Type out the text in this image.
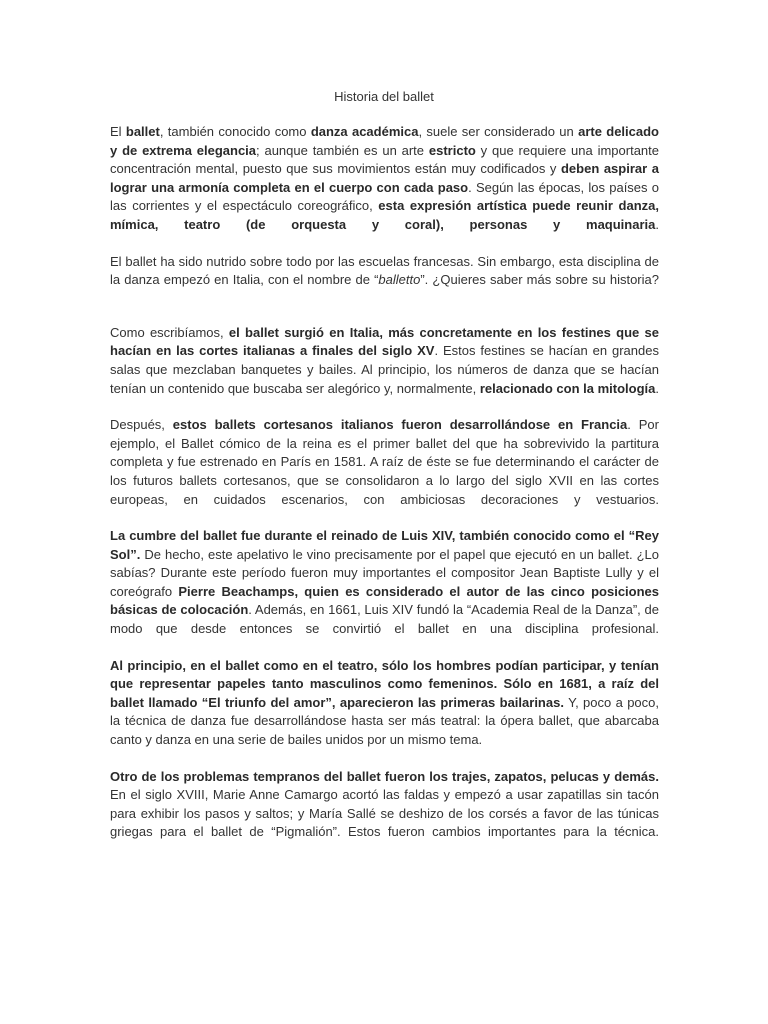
Historia del ballet

El ballet, también conocido como danza académica, suele ser considerado un arte delicado y de extrema elegancia; aunque también es un arte estricto y que requiere una importante concentración mental, puesto que sus movimientos están muy codificados y deben aspirar a lograr una armonía completa en el cuerpo con cada paso. Según las épocas, los países o las corrientes y el espectáculo coreográfico, esta expresión artística puede reunir danza, mímica, teatro (de orquesta y coral), personas y maquinaria.

El ballet ha sido nutrido sobre todo por las escuelas francesas. Sin embargo, esta disciplina de la danza empezó en Italia, con el nombre de “balletto”. ¿Quieres saber más sobre su historia?

Como escribíamos, el ballet surgió en Italia, más concretamente en los festines que se hacían en las cortes italianas a finales del siglo XV. Estos festines se hacían en grandes salas que mezclaban banquetes y bailes. Al principio, los números de danza que se hacían tenían un contenido que buscaba ser alegórico y, normalmente, relacionado con la mitología.

Después, estos ballets cortesanos italianos fueron desarrollándose en Francia. Por ejemplo, el Ballet cómico de la reina es el primer ballet del que ha sobrevivido la partitura completa y fue estrenado en París en 1581. A raíz de éste se fue determinando el carácter de los futuros ballets cortesanos, que se consolidaron a lo largo del siglo XVII en las cortes europeas, en cuidados escenarios, con ambiciosas decoraciones y vestuarios.

La cumbre del ballet fue durante el reinado de Luis XIV, también conocido como el “Rey Sol”. De hecho, este apelativo le vino precisamente por el papel que ejecutó en un ballet. ¿Lo sabías? Durante este período fueron muy importantes el compositor Jean Baptiste Lully y el coreógrafo Pierre Beachamps, quien es considerado el autor de las cinco posiciones básicas de colocación. Además, en 1661, Luis XIV fundó la “Academia Real de la Danza”, de modo que desde entonces se convirtió el ballet en una disciplina profesional.

Al principio, en el ballet como en el teatro, sólo los hombres podían participar, y tenían que representar papeles tanto masculinos como femeninos. Sólo en 1681, a raíz del ballet llamado “El triunfo del amor”, aparecieron las primeras bailarinas. Y, poco a poco, la técnica de danza fue desarrollándose hasta ser más teatral: la ópera ballet, que abarcaba canto y danza en una serie de bailes unidos por un mismo tema.

Otro de los problemas tempranos del ballet fueron los trajes, zapatos, pelucas y demás. En el siglo XVIII, Marie Anne Camargo acortó las faldas y empezó a usar zapatillas sin tacón para exhibir los pasos y saltos; y María Sallé se deshizo de los corsés a favor de las túnicas griegas para el ballet de “Pigmalión”. Estos fueron cambios importantes para la técnica.
